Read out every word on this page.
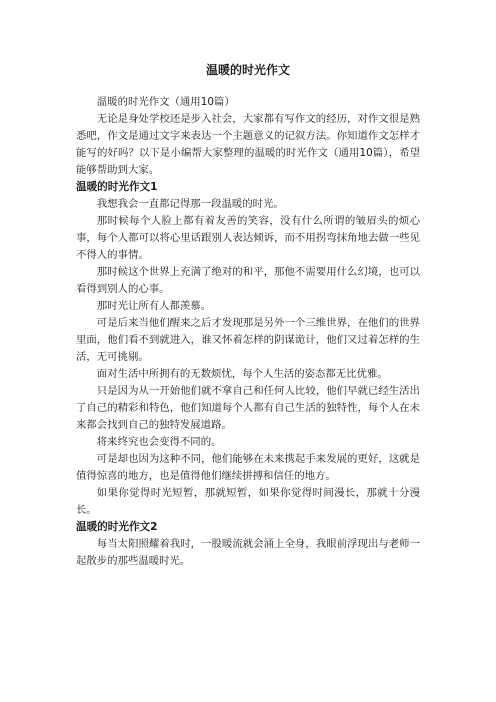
温暖的时光作文

温暖的时光作文（通用10篇）

无论是身处学校还是步入社会，大家都有写作文的经历，对作文很是熟悉吧，作文是通过文字来表达一个主题意义的记叙方法。你知道作文怎样才能写的好吗？以下是小编帮大家整理的温暖的时光作文（通用10篇），希望能够帮助到大家。

温暖的时光作文1

我想我会一直都记得那一段温暖的时光。

那时候每个人脸上都有着友善的笑容，没有什么所谓的皱眉头的烦心事，每个人都可以将心里话跟别人表达倾诉，而不用拐弯抹角地去做一些见不得人的事情。

那时候这个世界上充满了绝对的和平，那他不需要用什么幻境，也可以看得到别人的心事。

那时光让所有人都羡慕。

可是后来当他们醒来之后才发现那是另外一个三维世界，在他们的世界里面，他们看不到就进入，谁又怀着怎样的阴谋诡计，他们又过着怎样的生活，无可挑剔。

面对生活中所拥有的无数烦忧，每个人生活的姿态都无比优雅。

只是因为从一开始他们就不拿自己和任何人比较，他们早就已经生活出了自己的精彩和特色，他们知道每个人都有自己生活的独特性，每个人在未来都会找到自己的独特发展道路。

将来终究也会变得不同的。

可是却也因为这种不同，他们能够在未来携起手来发展的更好，这就是值得惊喜的地方，也是值得他们继续拼搏和信任的地方。

如果你觉得时光短暂，那就短暂，如果你觉得时间漫长，那就十分漫长。

温暖的时光作文2

每当太阳照耀着我时，一股暖流就会涌上全身，我眼前浮现出与老师一起散步的那些温暖时光。
